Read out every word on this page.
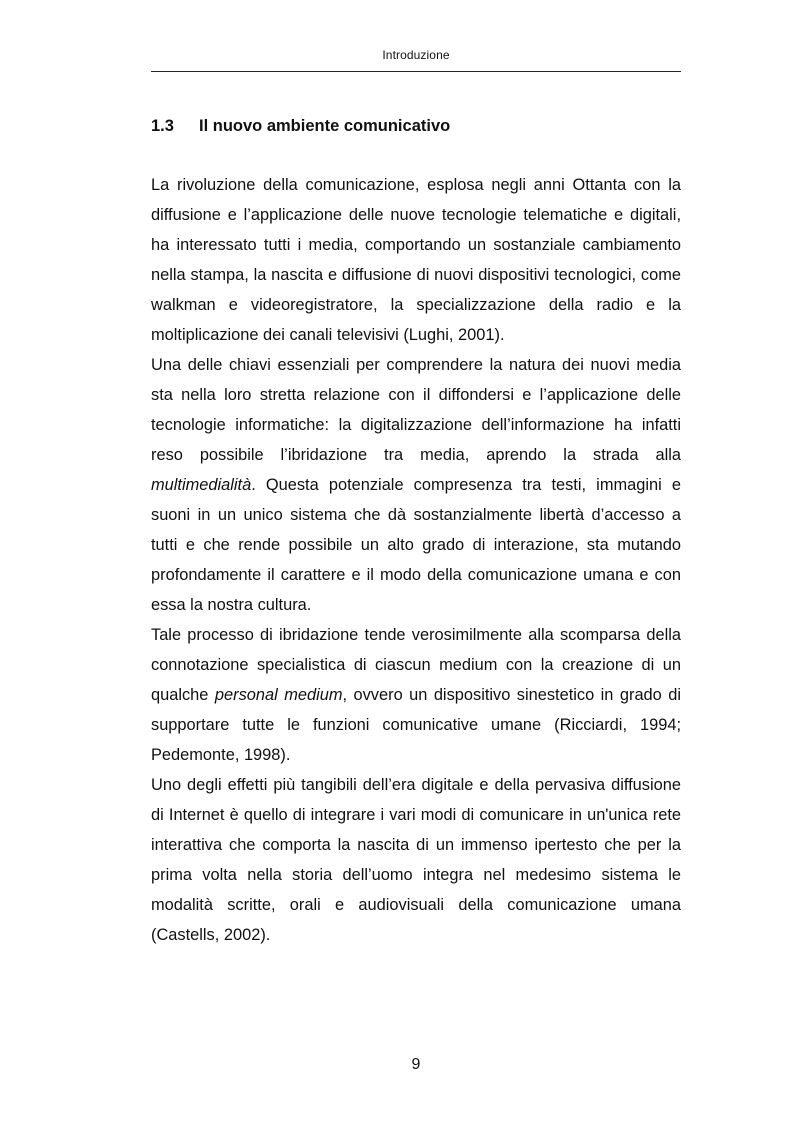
Introduzione
1.3 Il nuovo ambiente comunicativo

La rivoluzione della comunicazione, esplosa negli anni Ottanta con la diffusione e l’applicazione delle nuove tecnologie telematiche e digitali, ha interessato tutti i media, comportando un sostanziale cambiamento nella stampa, la nascita e diffusione di nuovi dispositivi tecnologici, come walkman e videoregistratore, la specializzazione della radio e la moltiplicazione dei canali televisivi (Lughi, 2001).

Una delle chiavi essenziali per comprendere la natura dei nuovi media sta nella loro stretta relazione con il diffondersi e l’applicazione delle tecnologie informatiche: la digitalizzazione dell’informazione ha infatti reso possibile l’ibridazione tra media, aprendo la strada alla multimedialità. Questa potenziale compresenza tra testi, immagini e suoni in un unico sistema che dà sostanzialmente libertà d’accesso a tutti e che rende possibile un alto grado di interazione, sta mutando profondamente il carattere e il modo della comunicazione umana e con essa la nostra cultura.

Tale processo di ibridazione tende verosimilmente alla scomparsa della connotazione specialistica di ciascun medium con la creazione di un qualche personal medium, ovvero un dispositivo sinestetico in grado di supportare tutte le funzioni comunicative umane (Ricciardi, 1994; Pedemonte, 1998).

Uno degli effetti più tangibili dell’era digitale e della pervasiva diffusione di Internet è quello di integrare i vari modi di comunicare in un'unica rete interattiva che comporta la nascita di un immenso ipertesto che per la prima volta nella storia dell’uomo integra nel medesimo sistema le modalità scritte, orali e audiovisuali della comunicazione umana (Castells, 2002).

9
